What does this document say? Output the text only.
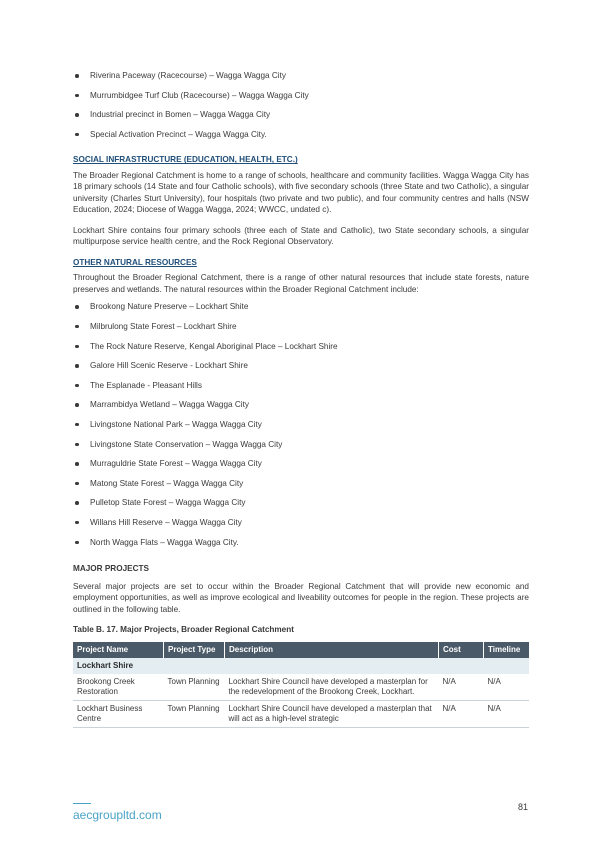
Riverina Paceway (Racecourse) – Wagga Wagga City
Murrumbidgee Turf Club (Racecourse) – Wagga Wagga City
Industrial precinct in Bomen – Wagga Wagga City
Special Activation Precinct – Wagga Wagga City.
SOCIAL INFRASTRUCTURE (EDUCATION, HEALTH, ETC.)

The Broader Regional Catchment is home to a range of schools, healthcare and community facilities. Wagga Wagga City has 18 primary schools (14 State and four Catholic schools), with five secondary schools (three State and two Catholic), a singular university (Charles Sturt University), four hospitals (two private and two public), and four community centres and halls (NSW Education, 2024; Diocese of Wagga Wagga, 2024; WWCC, undated c).

Lockhart Shire contains four primary schools (three each of State and Catholic), two State secondary schools, a singular multipurpose service health centre, and the Rock Regional Observatory.

OTHER NATURAL RESOURCES

Throughout the Broader Regional Catchment, there is a range of other natural resources that include state forests, nature preserves and wetlands. The natural resources within the Broader Regional Catchment include:

Brookong Nature Preserve – Lockhart Shite
Milbrulong State Forest – Lockhart Shire
The Rock Nature Reserve, Kengal Aboriginal Place – Lockhart Shire
Galore Hill Scenic Reserve - Lockhart Shire
The Esplanade - Pleasant Hills
Marrambidya Wetland – Wagga Wagga City
Livingstone National Park – Wagga Wagga City
Livingstone State Conservation – Wagga Wagga City
Murraguldrie State Forest – Wagga Wagga City
Matong State Forest – Wagga Wagga City
Pulletop State Forest – Wagga Wagga City
Willans Hill Reserve – Wagga Wagga City
North Wagga Flats – Wagga Wagga City.
MAJOR PROJECTS

Several major projects are set to occur within the Broader Regional Catchment that will provide new economic and employment opportunities, as well as improve ecological and liveability outcomes for people in the region. These projects are outlined in the following table.

Table B. 17. Major Projects, Broader Regional Catchment
Project Name	Project Type	Description	Cost	Timeline
Lockhart Shire				
Brookong Creek Restoration	Town Planning	Lockhart Shire Council have developed a masterplan for the redevelopment of the Brookong Creek, Lockhart.	N/A	N/A
Lockhart Business Centre	Town Planning	Lockhart Shire Council have developed a masterplan that will act as a high-level strategic	N/A	N/A
aecgroupltd.com
81
